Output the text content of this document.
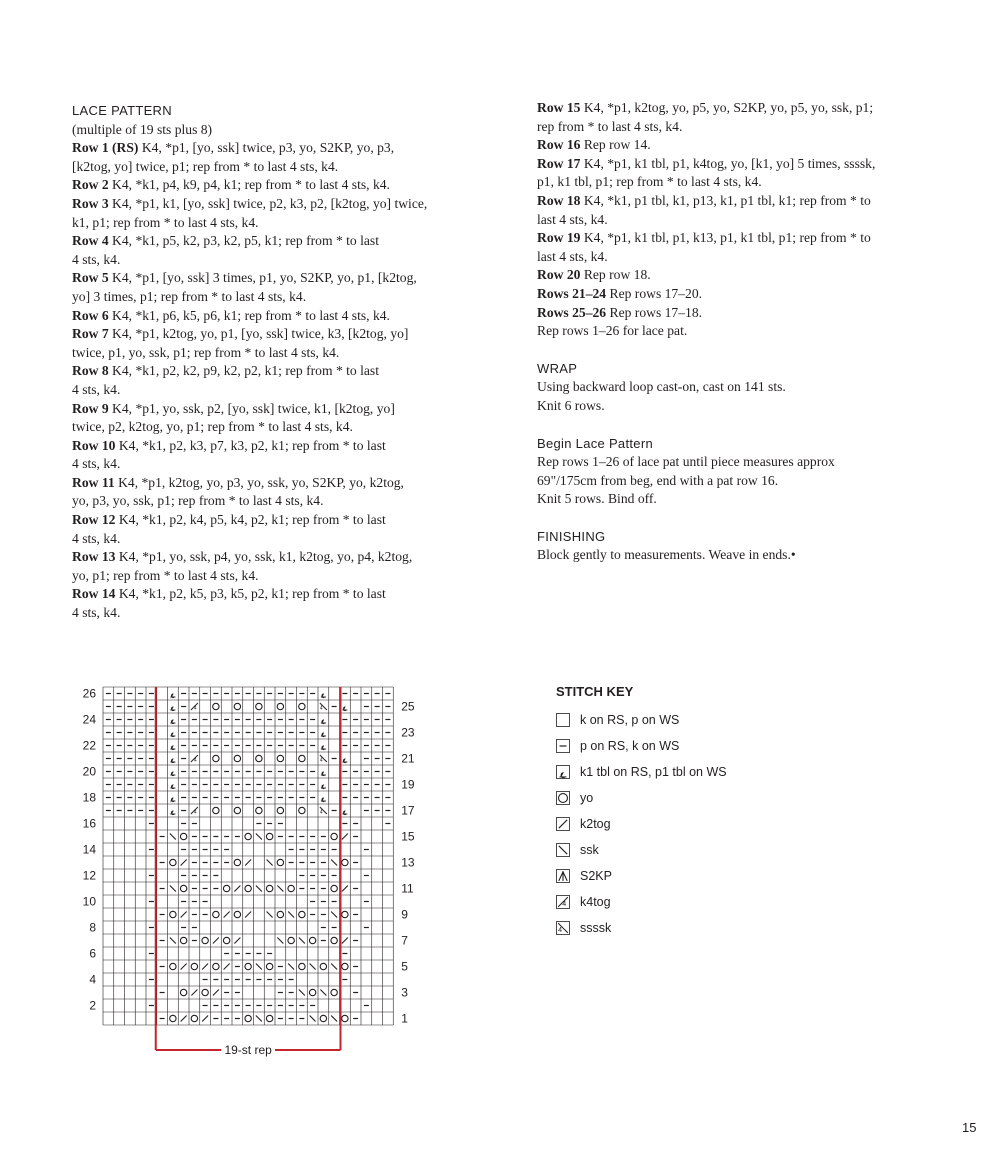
LACE PATTERN
(multiple of 19 sts plus 8)
Row 1 (RS) K4, *p1, [yo, ssk] twice, p3, yo, S2KP, yo, p3,
[k2tog, yo] twice, p1; rep from * to last 4 sts, k4.
Row 2 K4, *k1, p4, k9, p4, k1; rep from * to last 4 sts, k4.
Row 3 K4, *p1, k1, [yo, ssk] twice, p2, k3, p2, [k2tog, yo] twice,
k1, p1; rep from * to last 4 sts, k4.
Row 4 K4, *k1, p5, k2, p3, k2, p5, k1; rep from * to last
4 sts, k4.
Row 5 K4, *p1, [yo, ssk] 3 times, p1, yo, S2KP, yo, p1, [k2tog,
yo] 3 times, p1; rep from * to last 4 sts, k4.
Row 6 K4, *k1, p6, k5, p6, k1; rep from * to last 4 sts, k4.
Row 7 K4, *p1, k2tog, yo, p1, [yo, ssk] twice, k3, [k2tog, yo]
twice, p1, yo, ssk, p1; rep from * to last 4 sts, k4.
Row 8 K4, *k1, p2, k2, p9, k2, p2, k1; rep from * to last
4 sts, k4.
Row 9 K4, *p1, yo, ssk, p2, [yo, ssk] twice, k1, [k2tog, yo]
twice, p2, k2tog, yo, p1; rep from * to last 4 sts, k4.
Row 10 K4, *k1, p2, k3, p7, k3, p2, k1; rep from * to last
4 sts, k4.
Row 11 K4, *p1, k2tog, yo, p3, yo, ssk, yo, S2KP, yo, k2tog,
yo, p3, yo, ssk, p1; rep from * to last 4 sts, k4.
Row 12 K4, *k1, p2, k4, p5, k4, p2, k1; rep from * to last
4 sts, k4.
Row 13 K4, *p1, yo, ssk, p4, yo, ssk, k1, k2tog, yo, p4, k2tog,
yo, p1; rep from * to last 4 sts, k4.
Row 14 K4, *k1, p2, k5, p3, k5, p2, k1; rep from * to last
4 sts, k4.
Row 15 K4, *p1, k2tog, yo, p5, yo, S2KP, yo, p5, yo, ssk, p1;
rep from * to last 4 sts, k4.
Row 16 Rep row 14.
Row 17 K4, *p1, k1 tbl, p1, k4tog, yo, [k1, yo] 5 times, ssssk,
p1, k1 tbl, p1; rep from * to last 4 sts, k4.
Row 18 K4, *k1, p1 tbl, k1, p13, k1, p1 tbl, k1; rep from * to
last 4 sts, k4.
Row 19 K4, *p1, k1 tbl, p1, k13, p1, k1 tbl, p1; rep from * to
last 4 sts, k4.
Row 20 Rep row 18.
Rows 21–24 Rep rows 17–20.
Rows 25–26 Rep rows 17–18.
Rep rows 1–26 for lace pat.
WRAP
Using backward loop cast-on, cast on 141 sts.
Knit 6 rows.
Begin Lace Pattern
Rep rows 1–26 of lace pat until piece measures approx
69"/175cm from beg, end with a pat row 16.
Knit 5 rows. Bind off.
FINISHING
Block gently to measurements. Weave in ends.•
4	4
4	4
4	4
19-st rep
26
24
22
20
18
16
14
12
10
8
6
4
2
25
23
21
19
17
15
13
11
9
7
5
3
1
STITCH KEY
k on RS, p on WS
p on RS, k on WS
k1 tbl on RS, p1 tbl on WS
yo
k2tog
ssk
S2KP
4 k4tog
4 ssssk
15
